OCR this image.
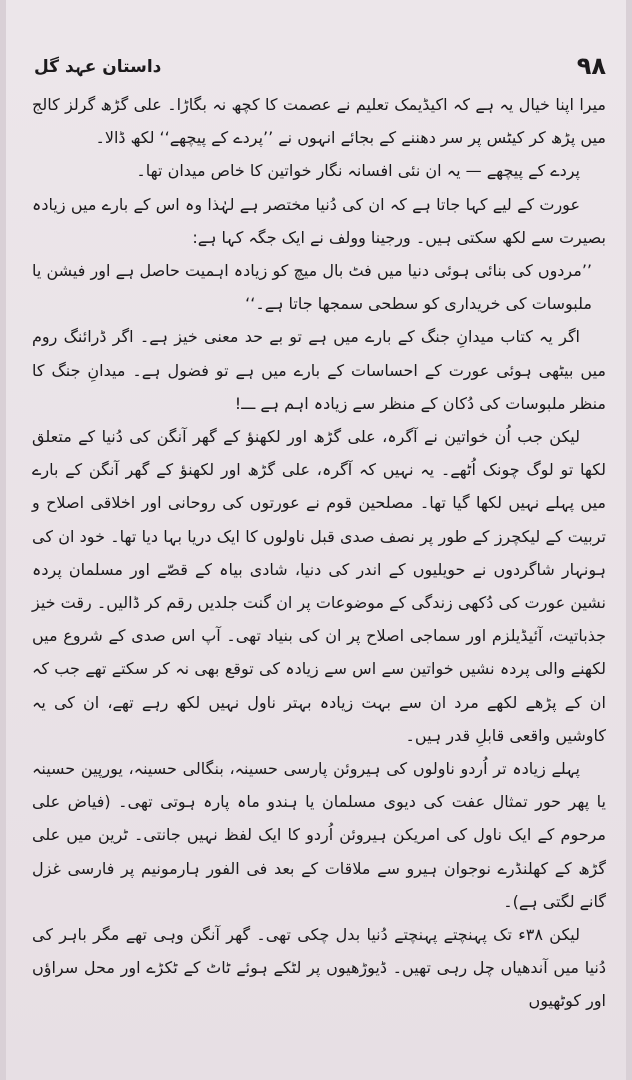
۹۸
داستان عہد گل

میرا اپنا خیال یہ ہے کہ اکیڈیمک تعلیم نے عصمت کا کچھ نہ بگاڑا۔ علی گڑھ گرلز کالج میں پڑھ کر کیٹس پر سر دھننے کے بجائے انہوں نے ’’پردے کے پیچھے‘‘ لکھ ڈالا۔

پردے کے پیچھے — یہ ان نئی افسانہ نگار خواتین کا خاص میدان تھا۔

عورت کے لیے کہا جاتا ہے کہ ان کی دُنیا مختصر ہے لہٰذا وہ اس کے بارے میں زیادہ بصیرت سے لکھ سکتی ہیں۔ ورجینا وولف نے ایک جگہ کہا ہے:

’’مردوں کی بنائی ہوئی دنیا میں فٹ بال میچ کو زیادہ اہمیت حاصل ہے اور فیشن یا ملبوسات کی خریداری کو سطحی سمجھا جاتا ہے۔‘‘

اگر یہ کتاب میدانِ جنگ کے بارے میں ہے تو بے حد معنی خیز ہے۔ اگر ڈرائنگ روم میں بیٹھی ہوئی عورت کے احساسات کے بارے میں ہے تو فضول ہے۔ میدانِ جنگ کا منظر ملبوسات کی دُکان کے منظر سے زیادہ اہم ہے ـــ!

لیکن جب اُن خواتین نے آگرہ، علی گڑھ اور لکھنؤ کے گھر آنگن کی دُنیا کے متعلق لکھا تو لوگ چونک اُٹھے۔ یہ نہیں کہ آگرہ، علی گڑھ اور لکھنؤ کے گھر آنگن کے بارے میں پہلے نہیں لکھا گیا تھا۔ مصلحین قوم نے عورتوں کی روحانی اور اخلاقی اصلاح و تربیت کے لیکچرز کے طور پر نصف صدی قبل ناولوں کا ایک دریا بہا دیا تھا۔ خود ان کی ہونہار شاگردوں نے حویلیوں کے اندر کی دنیا، شادی بیاہ کے قصّے اور مسلمان پردہ نشین عورت کی دُکھی زندگی کے موضوعات پر ان گنت جلدیں رقم کر ڈالیں۔ رقت خیز جذباتیت، آئیڈیلزم اور سماجی اصلاح پر ان کی بنیاد تھی۔ آپ اس صدی کے شروع میں لکھنے والی پردہ نشیں خواتین سے اس سے زیادہ کی توقع بھی نہ کر سکتے تھے جب کہ ان کے پڑھے لکھے مرد ان سے بہت زیادہ بہتر ناول نہیں لکھ رہے تھے، ان کی یہ کاوشیں واقعی قابلِ قدر ہیں۔

پہلے زیادہ تر اُردو ناولوں کی ہیروئن پارسی حسینہ، بنگالی حسینہ، یورپین حسینہ یا پھر حور تمثال عفت کی دیوی مسلمان یا ہندو ماہ پارہ ہوتی تھی۔ (فیاض علی مرحوم کے ایک ناول کی امریکن ہیروئن اُردو کا ایک لفظ نہیں جانتی۔ ٹرین میں علی گڑھ کے کھلنڈرے نوجوان ہیرو سے ملاقات کے بعد فی الفور ہارمونیم پر فارسی غزل گانے لگتی ہے)۔

لیکن ۳۸ء تک پہنچتے پہنچتے دُنیا بدل چکی تھی۔ گھر آنگن وہی تھے مگر باہر کی دُنیا میں آندھیاں چل رہی تھیں۔ ڈیوڑھیوں پر لٹکے ہوئے ٹاٹ کے ٹکڑے اور محل سراؤں اور کوٹھیوں
